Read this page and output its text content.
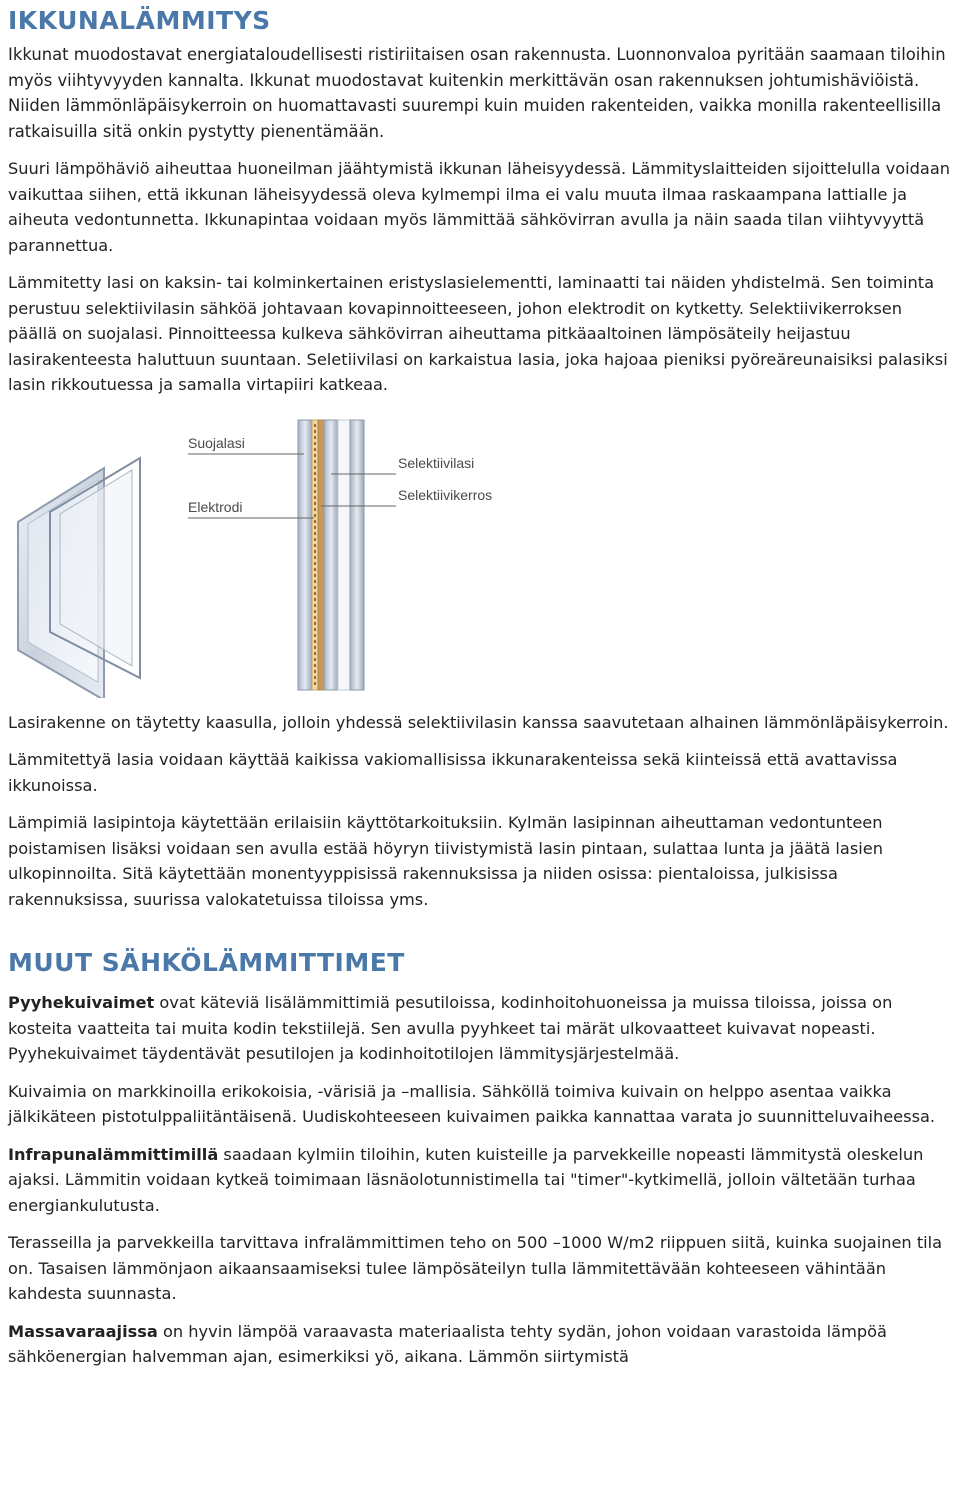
IKKUNALÄMMITYS

Ikkunat muodostavat energiataloudellisesti ristiriitaisen osan rakennusta. Luonnonvaloa pyritään saamaan tiloihin myös viihtyvyyden kannalta. Ikkunat muodostavat kuitenkin merkittävän osan rakennuksen johtumishäviöistä. Niiden lämmönläpäisykerroin on huomattavasti suurempi kuin muiden rakenteiden, vaikka monilla rakenteellisilla ratkaisuilla sitä onkin pystytty pienentämään.

Suuri lämpöhäviö aiheuttaa huoneilman jäähtymistä ikkunan läheisyydessä. Lämmityslaitteiden sijoittelulla voidaan vaikuttaa siihen, että ikkunan läheisyydessä oleva kylmempi ilma ei valu muuta ilmaa raskaampana lattialle ja aiheuta vedontunnetta. Ikkunapintaa voidaan myös lämmittää sähkövirran avulla ja näin saada tilan viihtyvyyttä parannettua.

Lämmitetty lasi on kaksin- tai kolminkertainen eristyslasielementti, laminaatti tai näiden yhdistelmä. Sen toiminta perustuu selektiivilasin sähköä johtavaan kovapinnoitteeseen, johon elektrodit on kytketty. Selektiivikerroksen päällä on suojalasi. Pinnoitteessa kulkeva sähkövirran aiheuttama pitkäaaltoinen lämpösäteily heijastuu lasirakenteesta haluttuun suuntaan. Seletiivilasi on karkaistua lasia, joka hajoaa pieniksi pyöreäreunaisiksi palasiksi lasin rikkoutuessa ja samalla virtapiiri katkeaa.

Suojalasi
Selektiivilasi
Selektiivikerros
Elektrodi

Lasirakenne on täytetty kaasulla, jolloin yhdessä selektiivilasin kanssa saavutetaan alhainen lämmönläpäisykerroin.

Lämmitettyä lasia voidaan käyttää kaikissa vakiomallisissa ikkunarakenteissa sekä kiinteissä että avattavissa ikkunoissa.

Lämpimiä lasipintoja käytettään erilaisiin käyttötarkoituksiin. Kylmän lasipinnan aiheuttaman vedontunteen poistamisen lisäksi voidaan sen avulla estää höyryn tiivistymistä lasin pintaan, sulattaa lunta ja jäätä lasien ulkopinnoilta. Sitä käytettään monentyyppisissä rakennuksissa ja niiden osissa: pientaloissa, julkisissa rakennuksissa, suurissa valokatetuissa tiloissa yms.

MUUT SÄHKÖLÄMMITTIMET

Pyyhekuivaimet ovat käteviä lisälämmittimiä pesutiloissa, kodinhoitohuoneissa ja muissa tiloissa, joissa on kosteita vaatteita tai muita kodin tekstiilejä. Sen avulla pyyhkeet tai märät ulkovaatteet kuivavat nopeasti. Pyyhekuivaimet täydentävät pesutilojen ja kodinhoitotilojen lämmitysjärjestelmää.

Kuivaimia on markkinoilla erikokoisia, -värisiä ja –mallisia. Sähköllä toimiva kuivain on helppo asentaa vaikka jälkikäteen pistotulppaliitäntäisenä. Uudiskohteeseen kuivaimen paikka kannattaa varata jo suunnitteluvaiheessa.

Infrapunalämmittimillä saadaan kylmiin tiloihin, kuten kuisteille ja parvekkeille nopeasti lämmitystä oleskelun ajaksi. Lämmitin voidaan kytkeä toimimaan läsnäolotunnistimella tai "timer"-kytkimellä, jolloin vältetään turhaa energiankulutusta.

Terasseilla ja parvekkeilla tarvittava infralämmittimen teho on 500 –1000 W/m2 riippuen siitä, kuinka suojainen tila on. Tasaisen lämmönjaon aikaansaamiseksi tulee lämpösäteilyn tulla lämmitettävään kohteeseen vähintään kahdesta suunnasta.

Massavaraajissa on hyvin lämpöä varaavasta materiaalista tehty sydän, johon voidaan varastoida lämpöä sähköenergian halvemman ajan, esimerkiksi yö, aikana. Lämmön siirtymistä
